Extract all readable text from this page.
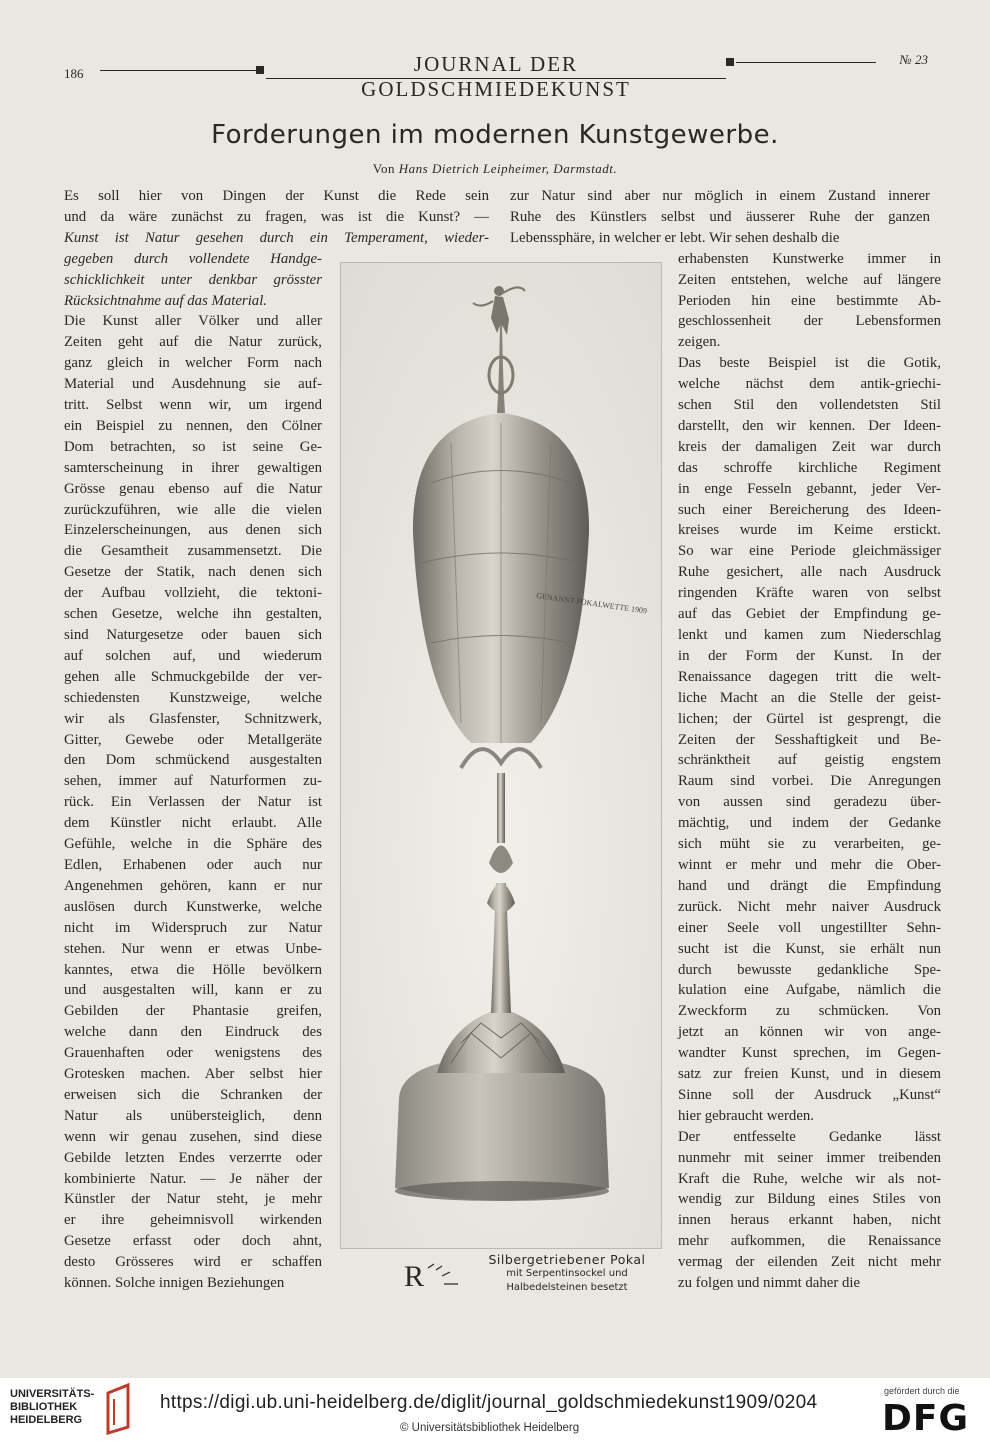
186	JOURNAL DER GOLDSCHMIEDEKUNST
№ 23
Forderungen im modernen Kunstgewerbe.
Von Hans Dietrich Leipheimer, Darmstadt.
Es soll hier von Dingen der Kunst die Rede sein
und da wäre zunächst zu fragen, was ist die Kunst? —
Kunst ist Natur gesehen durch ein Temperament, wieder-
gegeben durch vollendete Handge-
schicklichkeit unter denkbar grösster
Rücksichtnahme auf das Material.
Die Kunst aller Völker und aller
Zeiten geht auf die Natur zurück,
ganz gleich in welcher Form nach
Material und Ausdehnung sie auf-
tritt. Selbst wenn wir, um irgend
ein Beispiel zu nennen, den Cölner
Dom betrachten, so ist seine Ge-
samterscheinung in ihrer gewaltigen
Grösse genau ebenso auf die Natur
zurückzuführen, wie alle die vielen
Einzelerscheinungen, aus denen sich
die Gesamtheit zusammensetzt. Die
Gesetze der Statik, nach denen sich
der Aufbau vollzieht, die tektoni-
schen Gesetze, welche ihn gestalten,
sind Naturgesetze oder bauen sich
auf solchen auf, und wiederum
gehen alle Schmuckgebilde der ver-
schiedensten Kunstzweige, welche
wir als Glasfenster, Schnitzwerk,
Gitter, Gewebe oder Metallgeräte
den Dom schmückend ausgestalten
sehen, immer auf Naturformen zu-
rück. Ein Verlassen der Natur ist
dem Künstler nicht erlaubt. Alle
Gefühle, welche in die Sphäre des
Edlen, Erhabenen oder auch nur
Angenehmen gehören, kann er nur
auslösen durch Kunstwerke, welche
nicht im Widerspruch zur Natur
stehen. Nur wenn er etwas Unbe-
kanntes, etwa die Hölle bevölkern
und ausgestalten will, kann er zu
Gebilden der Phantasie greifen,
welche dann den Eindruck des
Grauenhaften oder wenigstens des
Grotesken machen. Aber selbst hier
erweisen sich die Schranken der
Natur als unübersteiglich, denn
wenn wir genau zusehen, sind diese
Gebilde letzten Endes verzerrte oder
kombinierte Natur. — Je näher der
Künstler der Natur steht, je mehr
er ihre geheimnisvoll wirkenden
Gesetze erfasst oder doch ahnt,
desto Grösseres wird er schaffen
können. Solche innigen Beziehungen
zur Natur sind aber nur möglich in einem Zustand innerer
Ruhe des Künstlers selbst und äusserer Ruhe der ganzen
Lebenssphäre, in welcher er lebt. Wir sehen deshalb die
erhabensten Kunstwerke immer in
Zeiten entstehen, welche auf längere
Perioden hin eine bestimmte Ab-
geschlossenheit der Lebensformen
zeigen.
Das beste Beispiel ist die Gotik,
welche nächst dem antik-griechi-
schen Stil den vollendetsten Stil
darstellt, den wir kennen. Der Ideen-
kreis der damaligen Zeit war durch
das schroffe kirchliche Regiment
in enge Fesseln gebannt, jeder Ver-
such einer Bereicherung des Ideen-
kreises wurde im Keime erstickt.
So war eine Periode gleichmässiger
Ruhe gesichert, alle nach Ausdruck
ringenden Kräfte waren von selbst
auf das Gebiet der Empfindung ge-
lenkt und kamen zum Niederschlag
in der Form der Kunst. In der
Renaissance dagegen tritt die welt-
liche Macht an die Stelle der geist-
lichen; der Gürtel ist gesprengt, die
Zeiten der Sesshaftigkeit und Be-
schränktheit auf geistig engstem
Raum sind vorbei. Die Anregungen
von aussen sind geradezu über-
mächtig, und indem der Gedanke
sich müht sie zu verarbeiten, ge-
winnt er mehr und mehr die Ober-
hand und drängt die Empfindung
zurück. Nicht mehr naiver Ausdruck
einer Seele voll ungestillter Sehn-
sucht ist die Kunst, sie erhält nun
durch bewusste gedankliche Spe-
kulation eine Aufgabe, nämlich die
Zweckform zu schmücken. Von
jetzt an können wir von ange-
wandter Kunst sprechen, im Gegen-
satz zur freien Kunst, und in diesem
Sinne soll der Ausdruck „Kunst“
hier gebraucht werden.
Der entfesselte Gedanke lässt
nunmehr mit seiner immer treibenden
Kraft die Ruhe, welche wir als not-
wendig zur Bildung eines Stiles von
innen heraus erkannt haben, nicht
mehr aufkommen, die Renaissance
vermag der eilenden Zeit nicht mehr
zu folgen und nimmt daher die
GENANNT POKALWETTE 1909
R
Silbergetriebener Pokal
mit Serpentinsockel und
Halbedelsteinen besetzt
UNIVERSITÄTS-
BIBLIOTHEK
HEIDELBERG
https://digi.ub.uni-heidelberg.de/diglit/journal_goldschmiedekunst1909/0204
© Universitätsbibliothek Heidelberg
gefördert durch die
DFG
